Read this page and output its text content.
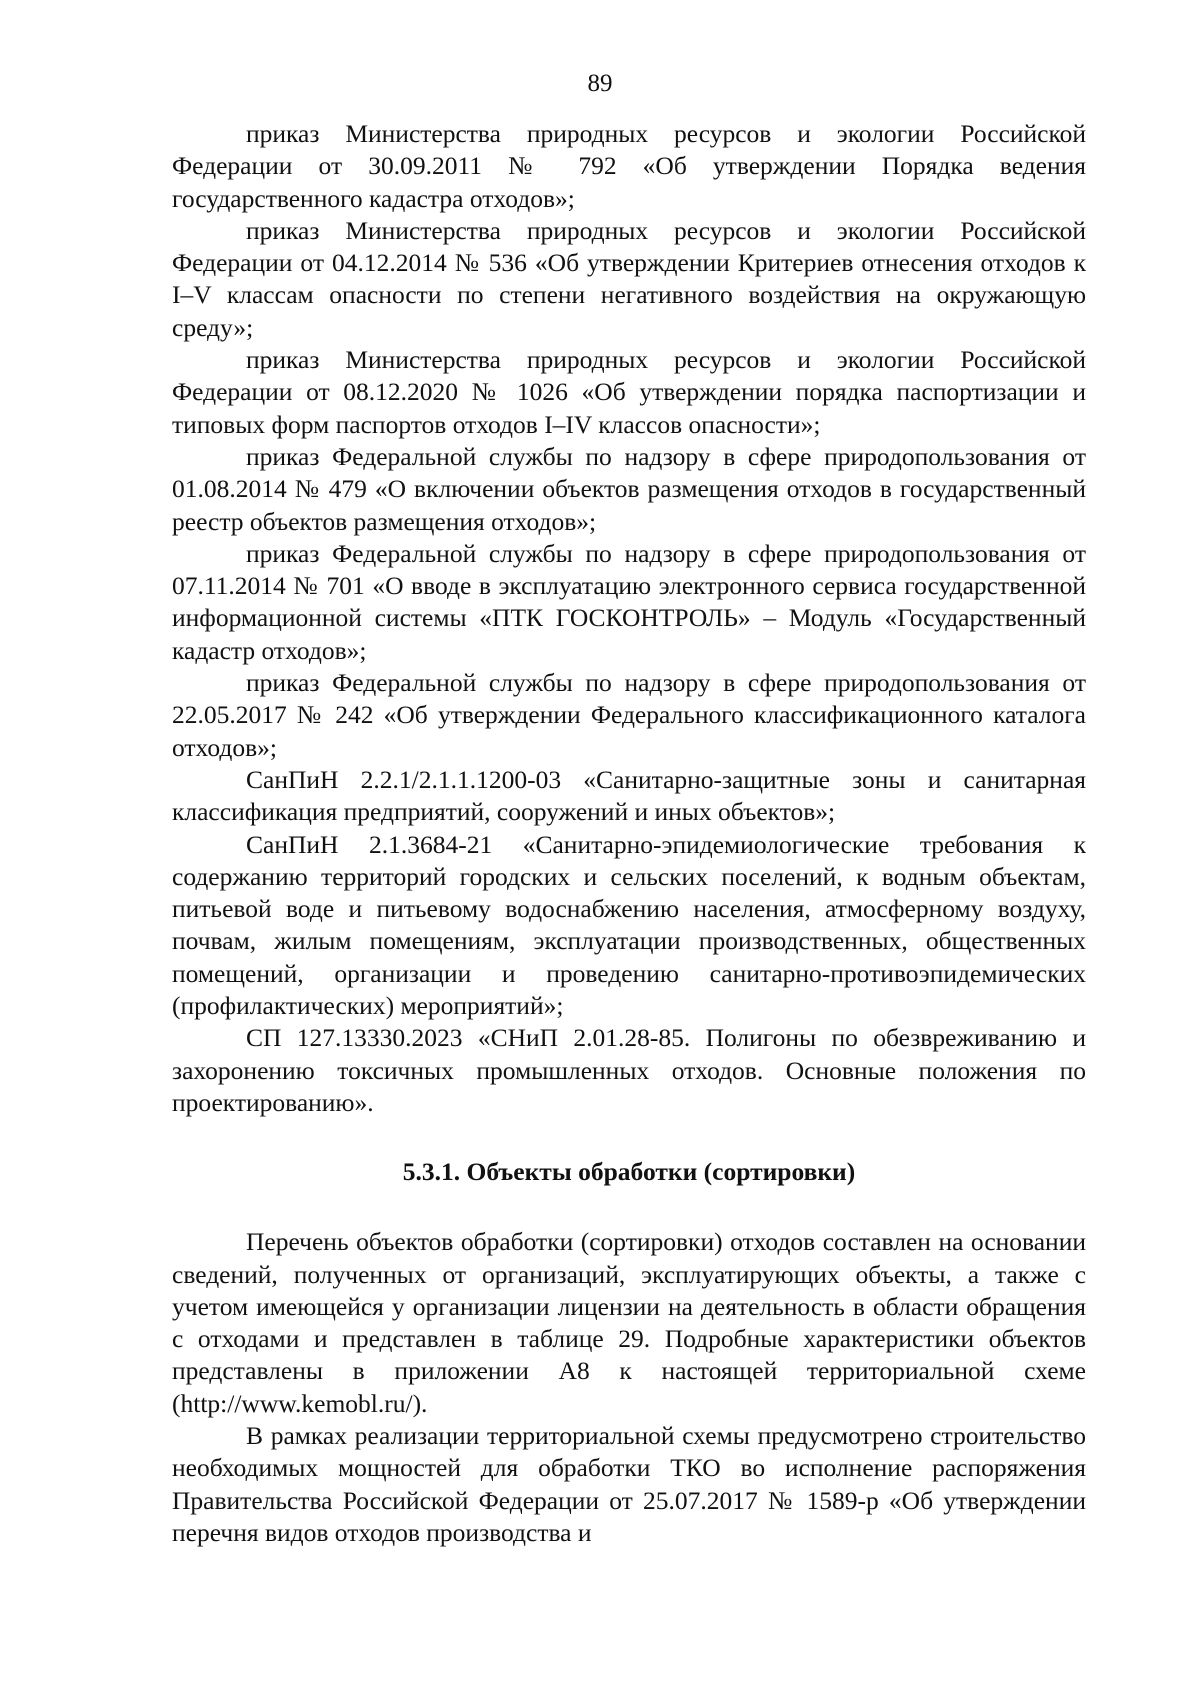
89

приказ Министерства природных ресурсов и экологии Российской Федерации от 30.09.2011 № 792 «Об утверждении Порядка ведения государственного кадастра отходов»;

приказ Министерства природных ресурсов и экологии Российской Федерации от 04.12.2014 № 536 «Об утверждении Критериев отнесения отходов к I–V классам опасности по степени негативного воздействия на окружающую среду»;

приказ Министерства природных ресурсов и экологии Российской Федерации от 08.12.2020 № 1026 «Об утверждении порядка паспортизации и типовых форм паспортов отходов I–IV классов опасности»;

приказ Федеральной службы по надзору в сфере природопользования от 01.08.2014 № 479 «О включении объектов размещения отходов в государственный реестр объектов размещения отходов»;

приказ Федеральной службы по надзору в сфере природопользования от 07.11.2014 № 701 «О вводе в эксплуатацию электронного сервиса государственной информационной системы «ПТК ГОСКОНТРОЛЬ» – Модуль «Государственный кадастр отходов»;

приказ Федеральной службы по надзору в сфере природопользования от 22.05.2017 № 242 «Об утверждении Федерального классификационного каталога отходов»;

СанПиН 2.2.1/2.1.1.1200-03 «Санитарно-защитные зоны и санитарная классификация предприятий, сооружений и иных объектов»;

СанПиН 2.1.3684-21 «Санитарно-эпидемиологические требования к содержанию территорий городских и сельских поселений, к водным объектам, питьевой воде и питьевому водоснабжению населения, атмосферному воздуху, почвам, жилым помещениям, эксплуатации производственных, общественных помещений, организации и проведению санитарно-противоэпидемических (профилактических) мероприятий»;

СП 127.13330.2023 «СНиП 2.01.28-85. Полигоны по обезвреживанию и захоронению токсичных промышленных отходов. Основные положения по проектированию».

5.3.1. Объекты обработки (сортировки)

Перечень объектов обработки (сортировки) отходов составлен на основании сведений, полученных от организаций, эксплуатирующих объекты, а также с учетом имеющейся у организации лицензии на деятельность в области обращения с отходами и представлен в таблице 29. Подробные характеристики объектов представлены в приложении А8 к настоящей территориальной схеме (http://www.kemobl.ru/).

В рамках реализации территориальной схемы предусмотрено строительство необходимых мощностей для обработки ТКО во исполнение распоряжения Правительства Российской Федерации от 25.07.2017 № 1589-р «Об утверждении перечня видов отходов производства и
